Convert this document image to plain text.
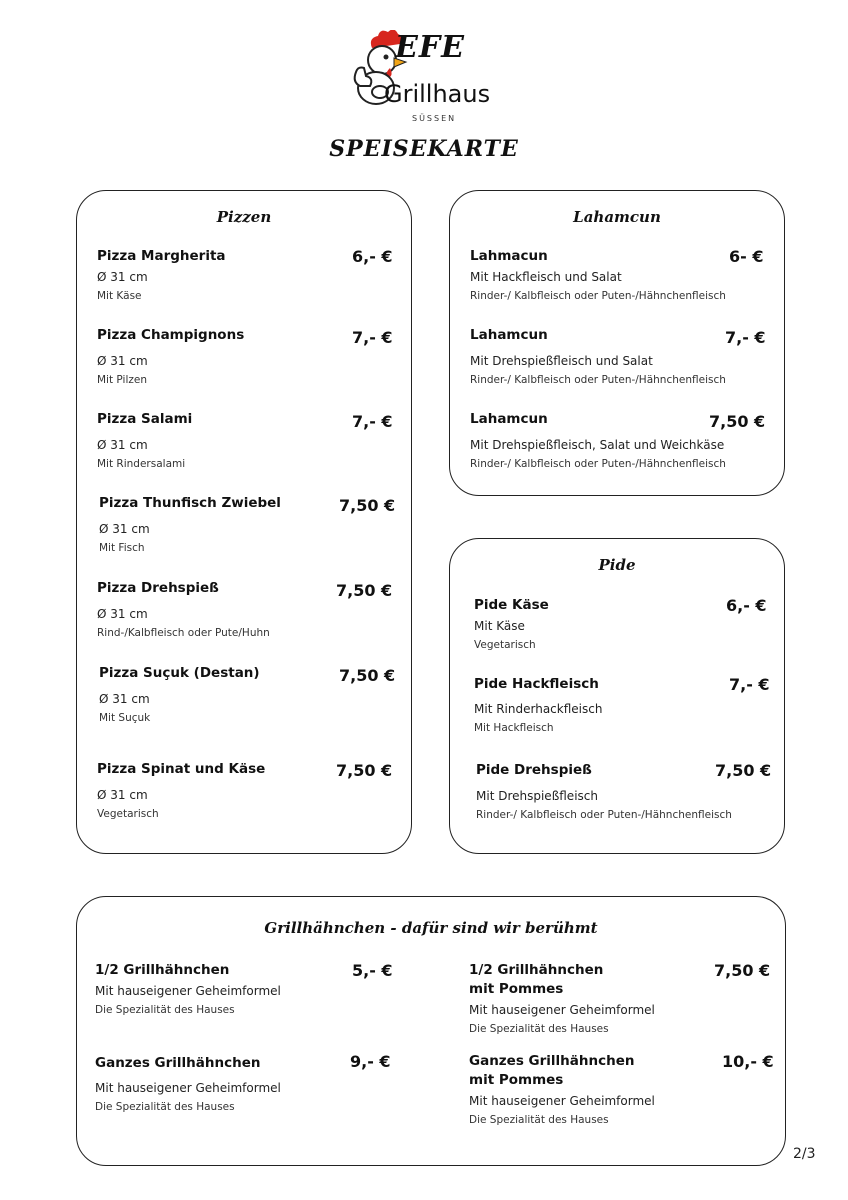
EFE
Grillhaus
SÜSSEN
SPEISEKARTE
Pizzen
Pizza Margherita	6,- €
Ø 31 cm
Mit Käse
Pizza Champignons	7,- €
Ø 31 cm
Mit Pilzen
Pizza Salami	7,- €
Ø 31 cm
Mit Rindersalami
Pizza Thunfisch Zwiebel	7,50 €
Ø 31 cm
Mit Fisch
Pizza Drehspieß	7,50 €
Ø 31 cm
Rind-/Kalbfleisch oder Pute/Huhn
Pizza Suçuk (Destan)	7,50 €
Ø 31 cm
Mit Suçuk
Pizza Spinat und Käse	7,50 €
Ø 31 cm
Vegetarisch
Lahamcun
Lahmacun	6- €
Mit Hackfleisch und Salat
Rinder-/ Kalbfleisch oder Puten-/Hähnchenfleisch
Lahamcun	7,- €
Mit Drehspießfleisch und Salat
Rinder-/ Kalbfleisch oder Puten-/Hähnchenfleisch
Lahamcun	7,50 €
Mit Drehspießfleisch, Salat und Weichkäse
Rinder-/ Kalbfleisch oder Puten-/Hähnchenfleisch
Pide
Pide Käse	6,- €
Mit Käse
Vegetarisch
Pide Hackfleisch	7,- €
Mit Rinderhackfleisch
Mit Hackfleisch
Pide Drehspieß	7,50 €
Mit Drehspießfleisch
Rinder-/ Kalbfleisch oder Puten-/Hähnchenfleisch
Grillhähnchen - dafür sind wir berühmt
1/2 Grillhähnchen	5,- €
Mit hauseigener Geheimformel
Die Spezialität des Hauses
Ganzes Grillhähnchen	9,- €
Mit hauseigener Geheimformel
Die Spezialität des Hauses
1/2 Grillhähnchen
mit Pommes
7,50 €
Mit hauseigener Geheimformel
Die Spezialität des Hauses
Ganzes Grillhähnchen
mit Pommes
10,- €
Mit hauseigener Geheimformel
Die Spezialität des Hauses
2/3
